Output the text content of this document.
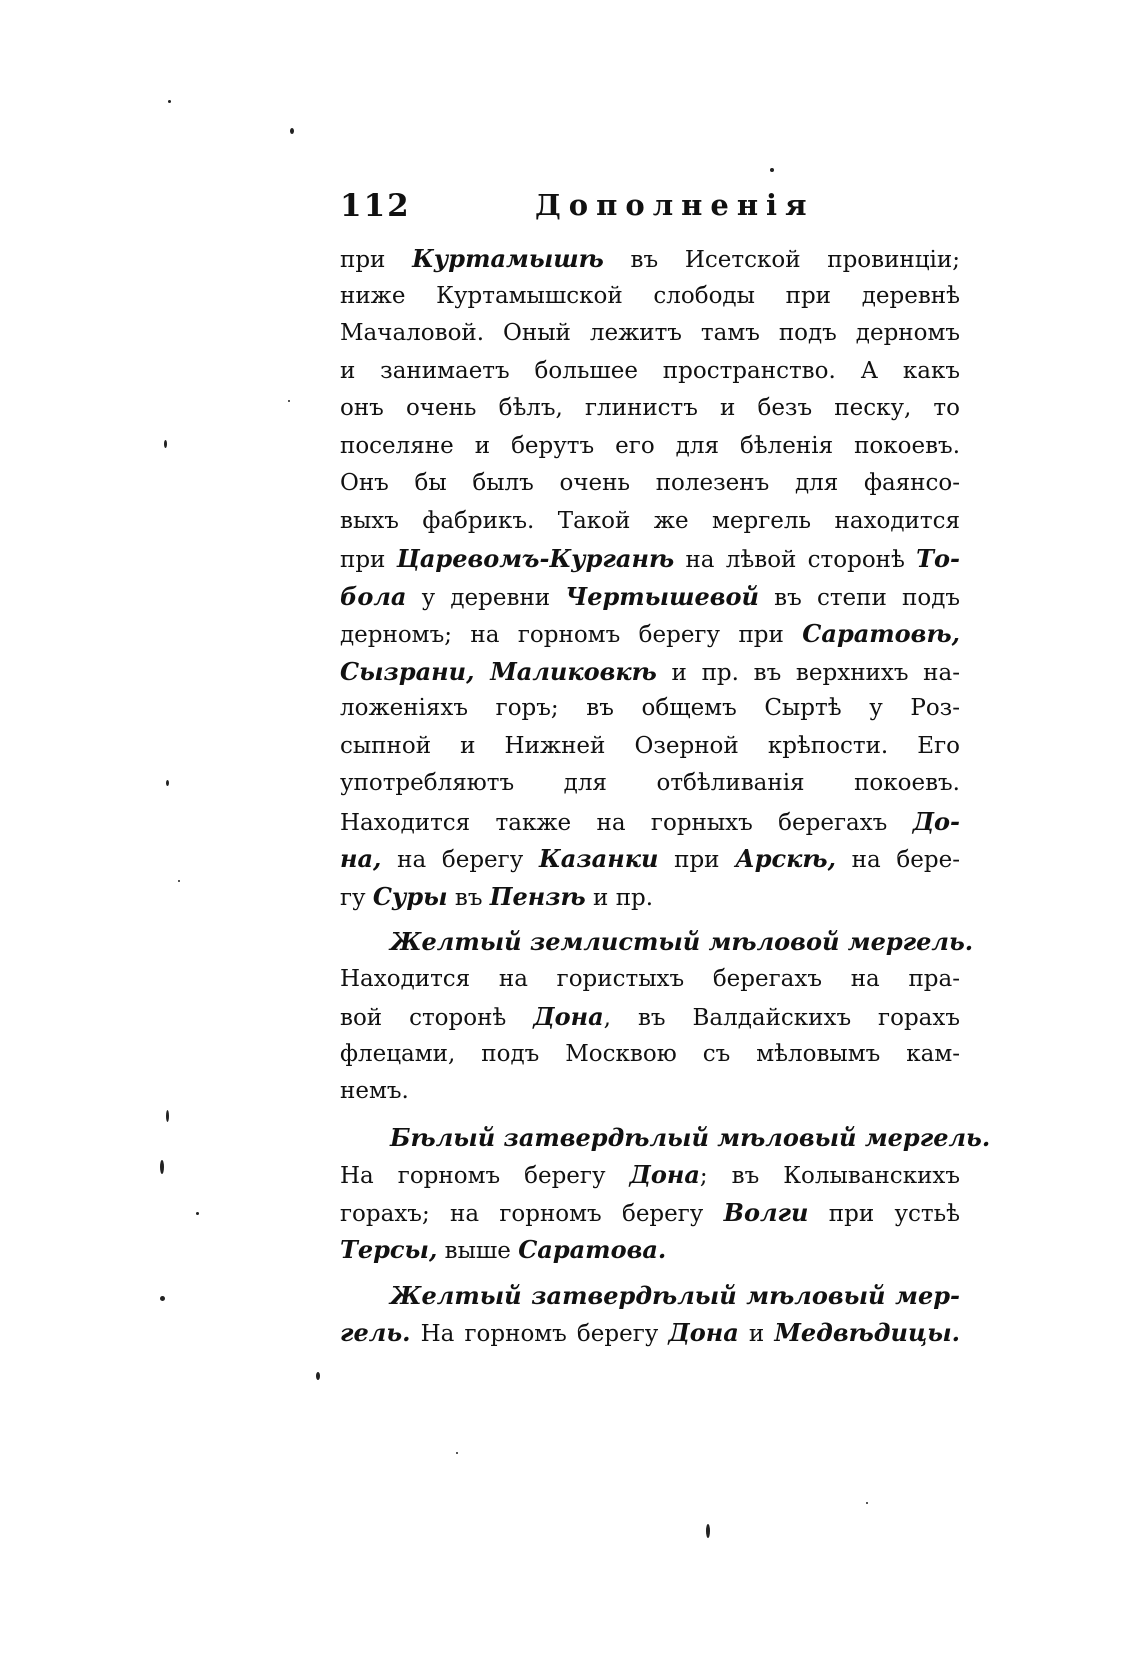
112	Дополненія
при Куртамышѣ въ Исетской провинціи;
ниже Куртамышской слободы при деревнѣ
Мачаловой. Оный лежитъ тамъ подъ дерномъ
и занимаетъ большее пространство. А какъ
онъ очень бѣлъ, глинистъ и безъ песку, то
поселяне и берутъ его для бѣленія покоевъ.
Онъ бы былъ очень полезенъ для фаянсо-
выхъ фабрикъ. Такой же мергель находится
при Царевомъ-Курганѣ на лѣвой сторонѣ То-
бола у деревни Чертышевой въ степи подъ
дерномъ; на горномъ берегу при Саратовѣ,
Сызрани, Маликовкѣ и пр. въ верхнихъ на-
ложеніяхъ горъ; въ общемъ Сыртѣ у Роз-
сыпной и Нижней Озерной крѣпости. Его
употребляютъ для отбѣливанія покоевъ.
Находится также на горныхъ берегахъ До-
на, на берегу Казанки при Арскѣ, на бере-
гу Суры въ Пензѣ и пр.
Желтый землистый мѣловой мергель.
Находится на гористыхъ берегахъ на пра-
вой сторонѣ Дона, въ Валдайскихъ горахъ
флецами, подъ Москвою съ мѣловымъ кам-
немъ.
Бѣлый затвердѣлый мѣловый мергель.
На горномъ берегу Дона; въ Колыванскихъ
горахъ; на горномъ берегу Волги при устьѣ
Терсы, выше Саратова.
Желтый затвердѣлый мѣловый мер-
гель. На горномъ берегу Дона и Медвѣдицы.
